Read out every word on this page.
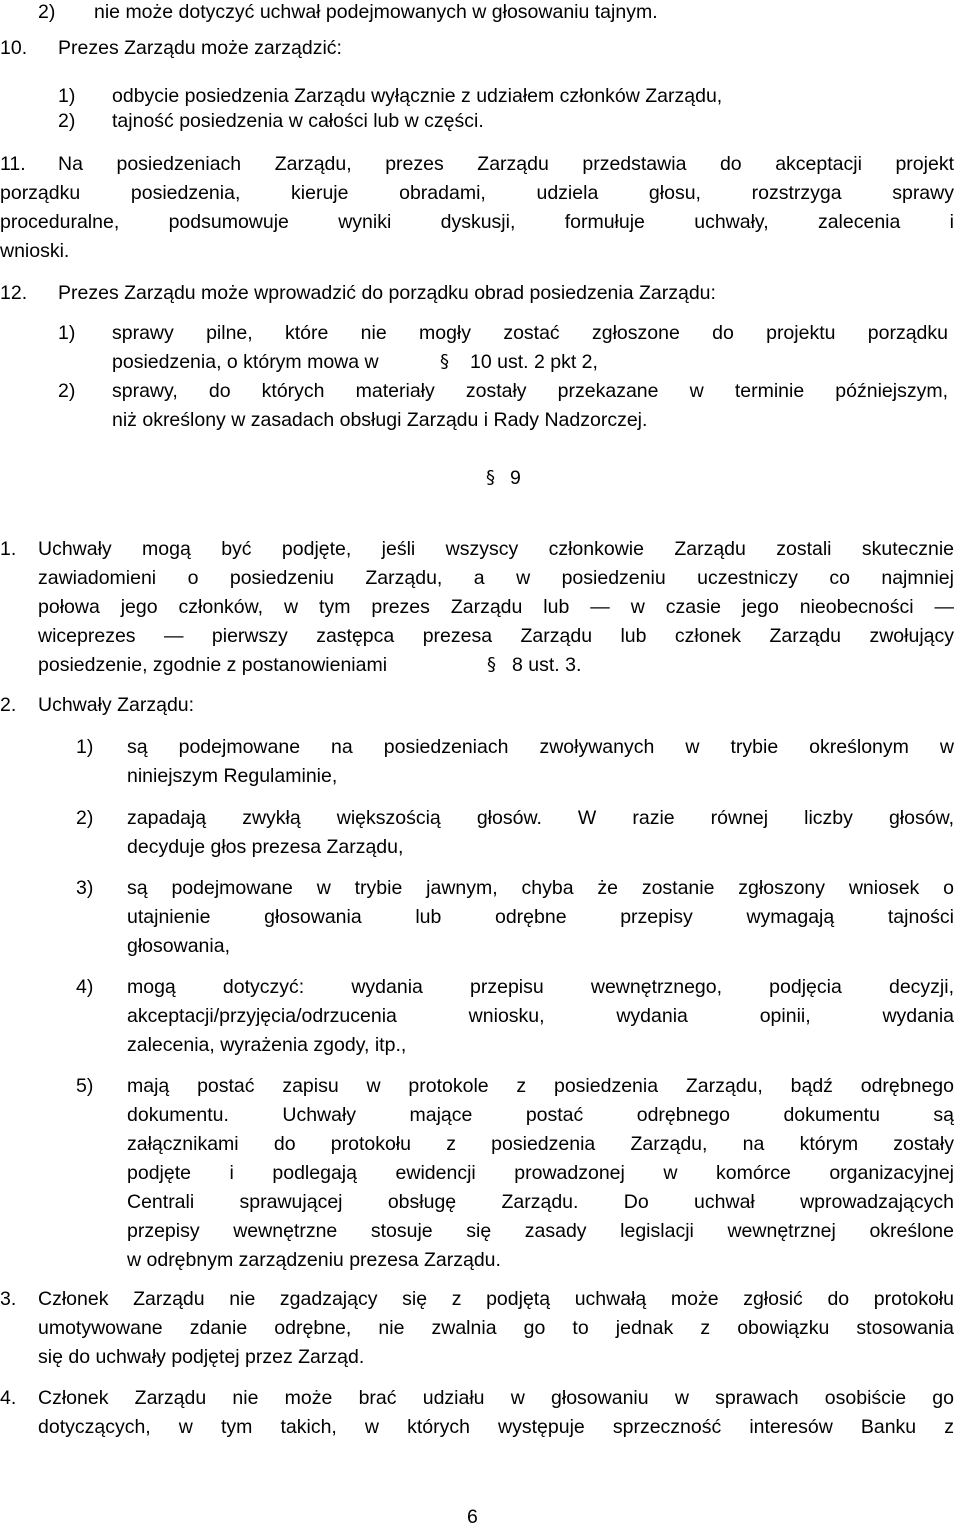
2) nie może dotyczyć uchwał podejmowanych w głosowaniu tajnym.
10. Prezes Zarządu może zarządzić:
1) odbycie posiedzenia Zarządu wyłącznie z udziałem członków Zarządu,
2) tajność posiedzenia w całości lub w części.
11. Na posiedzeniach Zarządu, prezes Zarządu przedstawia do akceptacji projekt
porządku posiedzenia, kieruje obradami, udziela głosu, rozstrzyga sprawy
proceduralne, podsumowuje wyniki dyskusji, formułuje uchwały, zalecenia i
wnioski.
12. Prezes Zarządu może wprowadzić do porządku obrad posiedzenia Zarządu:
1) sprawy pilne, które nie mogły zostać zgłoszone do projektu porządku
posiedzenia, o którym mowa w	§ 10 ust. 2 pkt 2,
2) sprawy, do których materiały zostały przekazane w terminie późniejszym,
niż określony w zasadach obsługi Zarządu i Rady Nadzorczej.
§ 9
1. Uchwały mogą być podjęte, jeśli wszyscy członkowie Zarządu zostali skutecznie
zawiadomieni o posiedzeniu Zarządu, a w posiedzeniu uczestniczy co najmniej
połowa jego członków, w tym prezes Zarządu lub — w czasie jego nieobecności —
wiceprezes — pierwszy zastępca prezesa Zarządu lub członek Zarządu zwołujący
posiedzenie, zgodnie z postanowieniami	§ 8 ust. 3.
2. Uchwały Zarządu:
1) są podejmowane na posiedzeniach zwoływanych w trybie określonym w
niniejszym Regulaminie,
2) zapadają zwykłą większością głosów. W razie równej liczby głosów,
decyduje głos prezesa Zarządu,
3) są podejmowane w trybie jawnym, chyba że zostanie zgłoszony wniosek o
utajnienie głosowania lub odrębne przepisy wymagają tajności
głosowania,
4) mogą dotyczyć: wydania przepisu wewnętrznego, podjęcia decyzji,
akceptacji/przyjęcia/odrzucenia wniosku, wydania opinii, wydania
zalecenia, wyrażenia zgody, itp.,
5) mają postać zapisu w protokole z posiedzenia Zarządu, bądź odrębnego
dokumentu. Uchwały mające postać odrębnego dokumentu są
załącznikami do protokołu z posiedzenia Zarządu, na którym zostały
podjęte i podlegają ewidencji prowadzonej w komórce organizacyjnej
Centrali sprawującej obsługę Zarządu. Do uchwał wprowadzających
przepisy wewnętrzne stosuje się zasady legislacji wewnętrznej określone
w odrębnym zarządzeniu prezesa Zarządu.
3. Członek Zarządu nie zgadzający się z podjętą uchwałą może zgłosić do protokołu
umotywowane zdanie odrębne, nie zwalnia go to jednak z obowiązku stosowania
się do uchwały podjętej przez Zarząd.
4. Członek Zarządu nie może brać udziału w głosowaniu w sprawach osobiście go
dotyczących, w tym takich, w których występuje sprzeczność interesów Banku z
6
